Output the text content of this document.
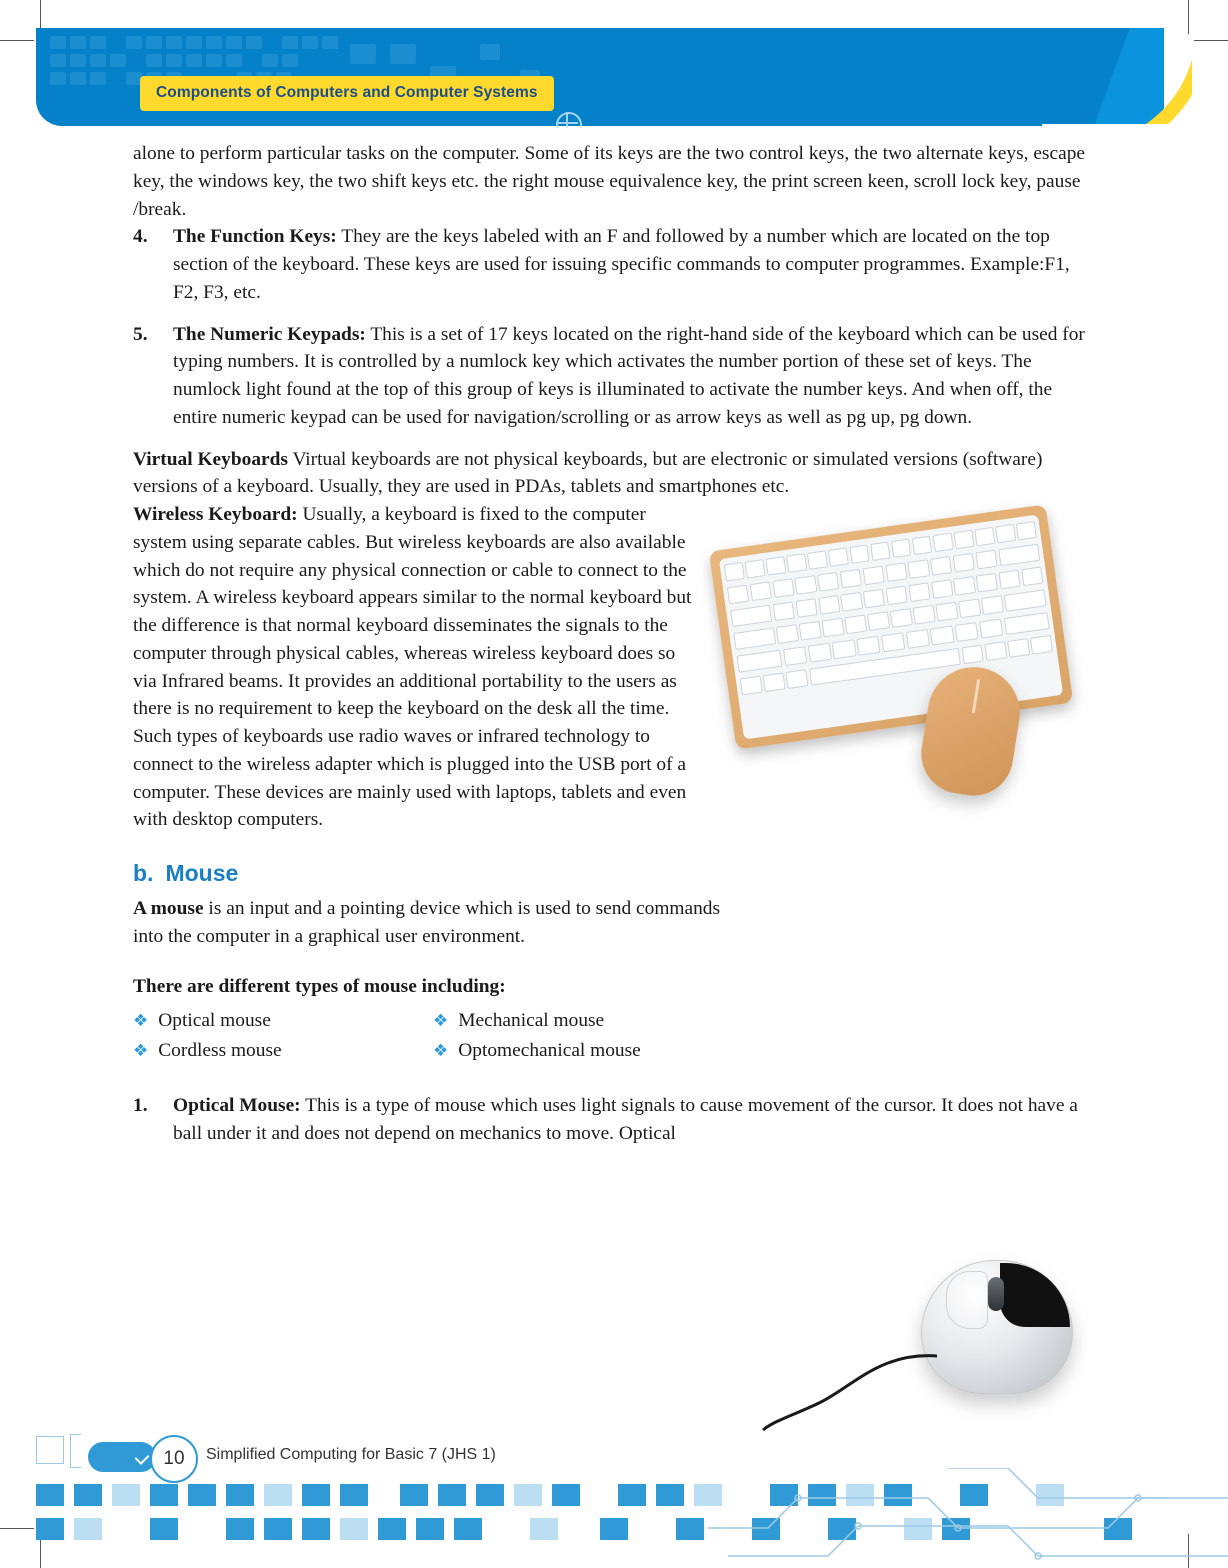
Components of Computers and Computer Systems
alone to perform particular tasks on the computer. Some of its keys are the two control keys, the two alternate keys, escape key, the windows key, the two shift keys etc. the right mouse equivalence key, the print screen keen, scroll lock key, pause /break.
4. The Function Keys: They are the keys labeled with an F and followed by a number which are located on the top section of the keyboard. These keys are used for issuing specific commands to computer programmes. Example:F1, F2, F3, etc.
5. The Numeric Keypads: This is a set of 17 keys located on the right-hand side of the keyboard which can be used for typing numbers. It is controlled by a numlock key which activates the number portion of these set of keys. The numlock light found at the top of this group of keys is illuminated to activate the number keys. And when off, the entire numeric keypad can be used for navigation/scrolling or as arrow keys as well as pg up, pg down.
Virtual Keyboards Virtual keyboards are not physical keyboards, but are electronic or simulated versions (software) versions of a keyboard. Usually, they are used in PDAs, tablets and smartphones etc.
Wireless Keyboard: Usually, a keyboard is fixed to the computer system using separate cables. But wireless keyboards are also available which do not require any physical connection or cable to connect to the system. A wireless keyboard appears similar to the normal keyboard but the difference is that normal keyboard disseminates the signals to the computer through physical cables, whereas wireless keyboard does so via Infrared beams. It provides an additional portability to the users as there is no requirement to keep the keyboard on the desk all the time. Such types of keyboards use radio waves or infrared technology to connect to the wireless adapter which is plugged into the USB port of a computer. These devices are mainly used with laptops, tablets and even with desktop computers.
b. Mouse
A mouse is an input and a pointing device which is used to send commands into the computer in a graphical user environment.
There are different types of mouse including:
❖ Optical mouse	❖ Mechanical mouse
❖ Cordless mouse	❖ Optomechanical mouse
1. Optical Mouse: This is a type of mouse which uses light signals to cause movement of the cursor. It does not have a ball under it and does not depend on mechanics to move. Optical
10	Simplified Computing for Basic 7 (JHS 1)
